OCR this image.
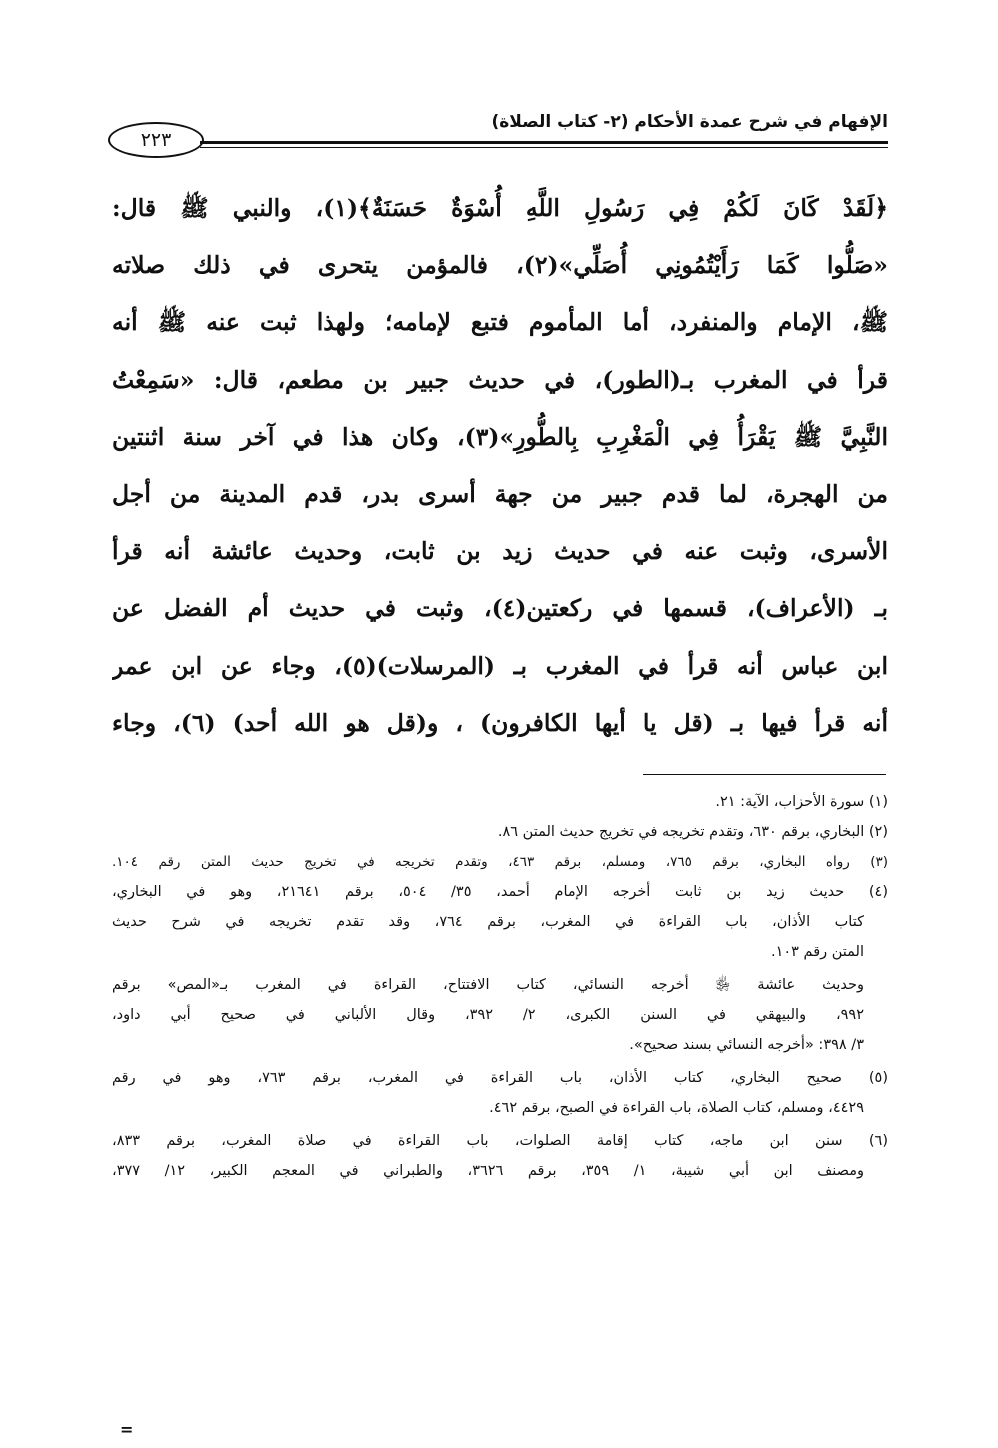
الإفهام في شرح عمدة الأحكام (٢- كتاب الصلاة)
٢٢٣
﴿لَقَدْ كَانَ لَكُمْ فِي رَسُولِ اللَّهِ أُسْوَةٌ حَسَنَةٌ﴾(١)، والنبي ﷺ قال:
«صَلُّوا كَمَا رَأَيْتُمُونِي أُصَلِّي»(٢)، فالمؤمن يتحرى في ذلك صلاته
ﷺ، الإمام والمنفرد، أما المأموم فتبع لإمامه؛ ولهذا ثبت عنه ﷺ أنه
قرأ في المغرب بـ(الطور)، في حديث جبير بن مطعم، قال: «سَمِعْتُ
النَّبِيَّ ﷺ يَقْرَأُ فِي الْمَغْرِبِ بِالطُّورِ»(٣)، وكان هذا في آخر سنة اثنتين
من الهجرة، لما قدم جبير من جهة أسرى بدر، قدم المدينة من أجل
الأسرى، وثبت عنه في حديث زيد بن ثابت، وحديث عائشة أنه قرأ
بـ (الأعراف)، قسمها في ركعتين(٤)، وثبت في حديث أم الفضل عن
ابن عباس أنه قرأ في المغرب بـ (المرسلات)(٥)، وجاء عن ابن عمر
أنه قرأ فيها بـ (قل يا أيها الكافرون) ، و(قل هو الله أحد) (٦)، وجاء
(١) سورة الأحزاب، الآية: ٢١.
(٢) البخاري، برقم ٦٣٠، وتقدم تخريجه في تخريج حديث المتن ٨٦.
(٣) رواه البخاري، برقم ٧٦٥، ومسلم، برقم ٤٦٣، وتقدم تخريجه في تخريج حديث المتن رقم ١٠٤.
(٤) حديث زيد بن ثابت أخرجه الإمام أحمد، ٣٥/ ٥٠٤، برقم ٢١٦٤١، وهو في البخاري،
كتاب الأذان، باب القراءة في المغرب، برقم ٧٦٤، وقد تقدم تخريجه في شرح حديث
المتن رقم ١٠٣.
وحديث عائشة ﵂ أخرجه النسائي، كتاب الافتتاح، القراءة في المغرب بـ«المص» برقم
٩٩٢، والبيهقي في السنن الكبرى، ٢/ ٣٩٢، وقال الألباني في صحيح أبي داود،
٣/ ٣٩٨: «أخرجه النسائي بسند صحيح».
(٥) صحيح البخاري، كتاب الأذان، باب القراءة في المغرب، برقم ٧٦٣، وهو في رقم
٤٤٢٩، ومسلم، كتاب الصلاة، باب القراءة في الصبح، برقم ٤٦٢.
(٦) سنن ابن ماجه، كتاب إقامة الصلوات، باب القراءة في صلاة المغرب، برقم ٨٣٣،
ومصنف ابن أبي شيبة، ١/ ٣٥٩، برقم ٣٦٢٦، والطبراني في المعجم الكبير، ١٢/ ٣٧٧،
=
